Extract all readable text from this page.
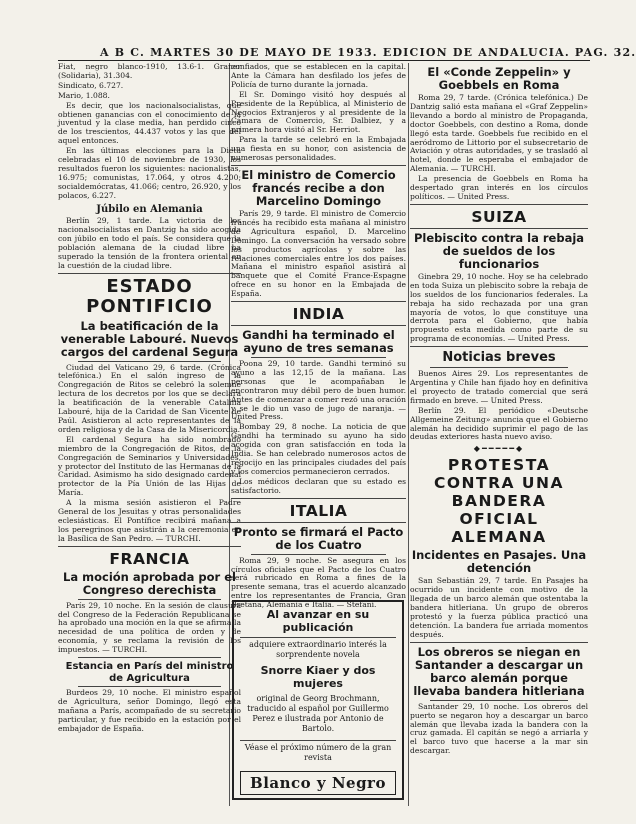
A B C. MARTES 30 DE MAYO DE 1933. EDICION DE ANDALUCIA. PAG. 32.

Fiat, negro blanco-1910, 13.6-1. Graner (Solidaria), 31.304.

Sindicato, 6.727.

Mario, 1.088.

Es decir, que los nacionalsocialistas, que obtienen ganancias con el conocimiento de la juventud y la clase media, han perdido cinco de los trescientos, 44.437 votos y las que del aquel entonces.

En las últimas elecciones para la Dieta celebradas el 10 de noviembre de 1930, los resultados fueron los siguientes: nacionalistas, 16.975; comunistas, 17.064, y otros 4.200; socialdemócratas, 41.066; centro, 26.920, y los polacos, 6.227.

Júbilo en Alemania

Berlín 29, 1 tarde. La victoria de los nacionalsocialistas en Dantzig ha sido acogida con júbilo en todo el país. Se considera que la población alemana de la ciudad libre ha superado la tensión de la frontera oriental en la cuestión de la ciudad libre.

ESTADO PONTIFICIO
La beatificación de la venerable Labouré. Nuevos cargos del cardenal Segura

Ciudad del Vaticano 29, 6 tarde. (Crónica telefónica.) En el salón ingreso de la Congregación de Ritos se celebró la solemne lectura de los decretos por los que se declara la beatificación de la venerable Catalina Labouré, hija de la Caridad de San Vicente de Paúl. Asistieron al acto representantes de la orden religiosa y de la Casa de la Misericordia.

El cardenal Segura ha sido nombrado miembro de la Congregación de Ritos, de la Congregación de Seminarios y Universidades, y protector del Instituto de las Hermanas de la Caridad. Asimismo ha sido designado cardenal protector de la Pía Unión de las Hijas de María.

A la misma sesión asistieron el Padre General de los Jesuitas y otras personalidades eclesiásticas. El Pontífice recibirá mañana a los peregrinos que asistirán a la ceremonia en la Basílica de San Pedro. — TURCHI.

FRANCIA
La moción aprobada por el Congreso derechista

París 29, 10 noche. En la sesión de clausura del Congreso de la Federación Republicana se ha aprobado una moción en la que se afirma la necesidad de una política de orden y de economía, y se reclama la revisión de los impuestos. — TURCHI.

Estancia en París del ministro de Agricultura

Burdeos 29, 10 noche. El ministro español de Agricultura, señor Domingo, llegó esta mañana a París, acompañado de su secretario particular, y fue recibido en la estación por el embajador de España.

confiados, que se establecen en la capital. Ante la Cámara han desfilado los jefes de Policía de turno durante la jornada.

El Sr. Domingo visitó hoy después al Presidente de la República, al Ministerio de Negocios Extranjeros y al presidente de la Cámara de Comercio, Sr. Dalbiez, y a primera hora visitó al Sr. Herriot.

Para la tarde se celebró en la Embajada una fiesta en su honor, con asistencia de numerosas personalidades.

El ministro de Comercio francés recibe a don Marcelino Domingo

París 29, 9 tarde. El ministro de Comercio francés ha recibido esta mañana al ministro de Agricultura español, D. Marcelino Domingo. La conversación ha versado sobre los productos agrícolas y sobre las relaciones comerciales entre los dos países. Mañana el ministro español asistirá al banquete que el Comité France-Espagne ofrece en su honor en la Embajada de España.

INDIA
Gandhi ha terminado el ayuno de tres semanas

Poona 29, 10 tarde. Gandhi terminó su ayuno a las 12,15 de la mañana. Las personas que le acompañaban le encontraron muy débil pero de buen humor. Antes de comenzar a comer rezó una oración y se le dio un vaso de jugo de naranja. — United Press.

Bombay 29, 8 noche. La noticia de que Gandhi ha terminado su ayuno ha sido acogida con gran satisfacción en toda la India. Se han celebrado numerosos actos de regocijo en las principales ciudades del país y los comercios permanecieron cerrados.

Los médicos declaran que su estado es satisfactorio.

ITALIA
Pronto se firmará el Pacto de los Cuatro

Roma 29, 9 noche. Se asegura en los círculos oficiales que el Pacto de los Cuatro será rubricado en Roma a fines de la presente semana, tras el acuerdo alcanzado entre los representantes de Francia, Gran Bretaña, Alemania e Italia. — Stefani.

Al avanzar en su publicación
adquiere extraordinario interés la sorprendente novela
Snorre Kiaer y dos mujeres
original de Georg Brochmann, traducido al español por Guillermo Perez e ilustrada por Antonio de Bartolo.
Véase el próximo número de la gran revista
Blanco y Negro
El «Conde Zeppelin» y Goebbels en Roma

Roma 29, 7 tarde. (Crónica telefónica.) De Dantzig salió esta mañana el «Graf Zeppelin» llevando a bordo al ministro de Propaganda, doctor Goebbels, con destino a Roma, donde llegó esta tarde. Goebbels fue recibido en el aeródromo de Littorio por el subsecretario de Aviación y otras autoridades, y se trasladó al hotel, donde le esperaba el embajador de Alemania. — TURCHI.

La presencia de Goebbels en Roma ha despertado gran interés en los círculos políticos. — United Press.

SUIZA
Plebiscito contra la rebaja de sueldos de los funcionarios

Ginebra 29, 10 noche. Hoy se ha celebrado en toda Suiza un plebiscito sobre la rebaja de los sueldos de los funcionarios federales. La rebaja ha sido rechazada por una gran mayoría de votos, lo que constituye una derrota para el Gobierno, que había propuesto esta medida como parte de su programa de economías. — United Press.

Noticias breves

Buenos Aires 29. Los representantes de Argentina y Chile han fijado hoy en definitiva el proyecto de tratado comercial que será firmado en breve. — United Press.

Berlín 29. El periódico «Deutsche Allgemeine Zeitung» anuncia que el Gobierno alemán ha decidido suprimir el pago de las deudas exteriores hasta nuevo aviso.

◆━━━━━◆
PROTESTA CONTRA UNA BANDERA OFICIAL ALEMANA
Incidentes en Pasajes. Una detención

San Sebastián 29, 7 tarde. En Pasajes ha ocurrido un incidente con motivo de la llegada de un barco alemán que ostentaba la bandera hitleriana. Un grupo de obreros protestó y la fuerza pública practicó una detención. La bandera fue arriada momentos después.

Los obreros se niegan en Santander a descargar un barco alemán porque llevaba bandera hitleriana

Santander 29, 10 noche. Los obreros del puerto se negaron hoy a descargar un barco alemán que llevaba izada la bandera con la cruz gamada. El capitán se negó a arriarla y el barco tuvo que hacerse a la mar sin descargar.
